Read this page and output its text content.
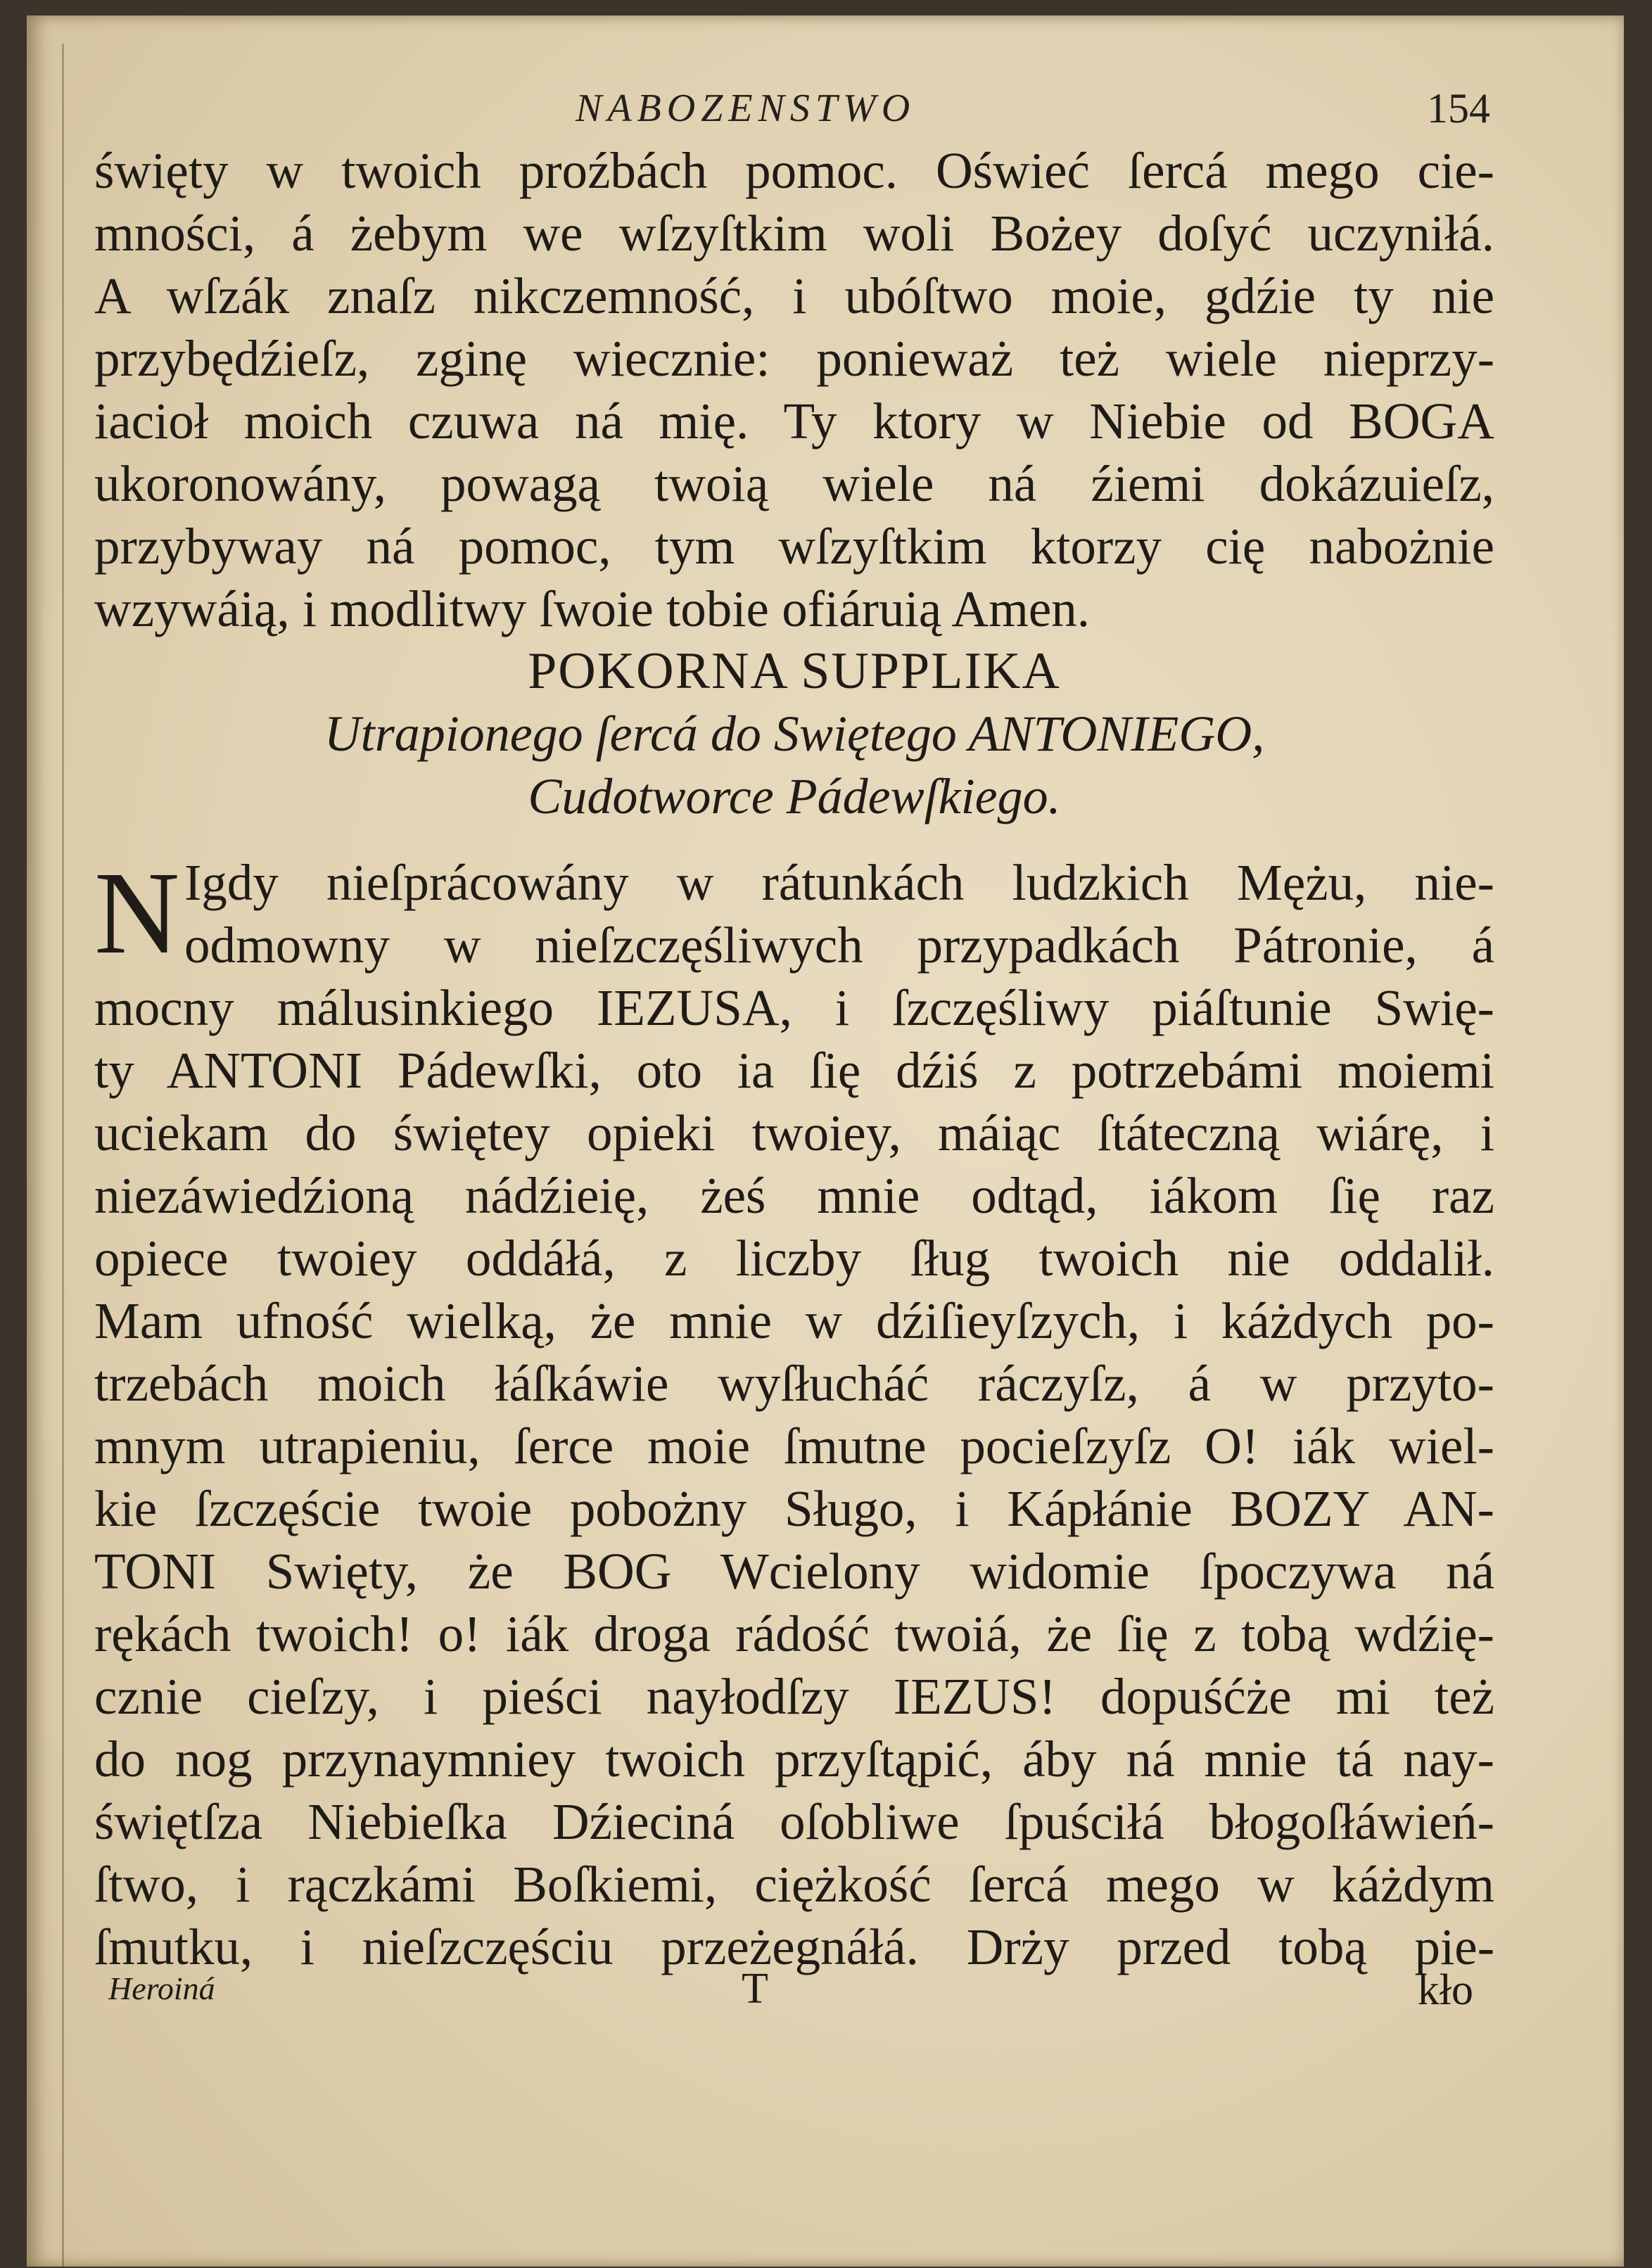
NABOZENSTWO	154
święty w twoich proźbách pomoc. Oświeć ſercá mego cie-
mności, á żebym we wſzyſtkim woli Bożey doſyć uczyniłá.
A wſzák znaſz nikczemność, i ubóſtwo moie, gdźie ty nie
przybędźieſz, zginę wiecznie: ponieważ też wiele nieprzy-
iacioł moich czuwa ná mię. Ty ktory w Niebie od BOGA
ukoronowány, powagą twoią wiele ná źiemi dokázuieſz,
przybyway ná pomoc, tym wſzyſtkim ktorzy cię nabożnie
wzywáią, i modlitwy ſwoie tobie ofiáruią Amen.
POKORNA SUPPLIKA
Utrapionego ſercá do Swiętego ANTONIEGO,
Cudotworce Pádewſkiego.
N Igdy nieſprácowány w rátunkách ludzkich Mężu, nie-
odmowny w nieſzczęśliwych przypadkách Pátronie, á
mocny málusinkiego IEZUSA, i ſzczęśliwy piáſtunie Swię-
ty ANTONI Pádewſki, oto ia ſię dźiś z potrzebámi moiemi
uciekam do świętey opieki twoiey, máiąc ſtáteczną wiárę, i
niezáwiedźioną nádźieię, żeś mnie odtąd, iákom ſię raz
opiece twoiey oddáłá, z liczby ſług twoich nie oddalił.
Mam ufność wielką, że mnie w dźiſieyſzych, i káżdych po-
trzebách moich łáſkáwie wyſłucháć ráczyſz, á w przyto-
mnym utrapieniu, ſerce moie ſmutne pocieſzyſz O! iák wiel-
kie ſzczęście twoie pobożny Sługo, i Kápłánie BOZY AN-
TONI Swięty, że BOG Wcielony widomie ſpoczywa ná
rękách twoich! o! iák droga rádość twoiá, że ſię z tobą wdźię-
cznie cieſzy, i pieści nayłodſzy IEZUS! dopuśćże mi też
do nog przynaymniey twoich przyſtąpić, áby ná mnie tá nay-
świętſza Niebieſka Dźieciná oſobliwe ſpuściłá błogoſłáwień-
ſtwo, i rączkámi Boſkiemi, ciężkość ſercá mego w káżdym
ſmutku, i nieſzczęściu przeżegnáłá. Drży przed tobą pie-
Heroiná	T	kło
